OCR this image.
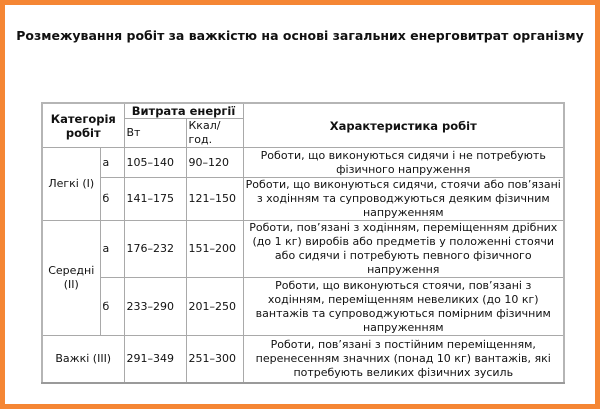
Розмежування робіт за важкістю на основі загальних енерговитрат організму
Категорія робіт		Витрата енергії		Характеристика робіт
		Вт	Ккал/год.	
Легкі (I)	а	105–140	90–120	Роботи, що виконуються сидячи і не потребують фізичного напруження
	б	141–175	121–150	Роботи, що виконуються сидячи, стоячи або пов’язані з ходінням та супроводжуються деяким фізичним напруженням
Середні (II)	а	176–232	151–200	Роботи, пов’язані з ходінням, переміщенням дрібних (до 1 кг) виробів або предметів у положенні стоячи або сидячи і потребують певного фізичного напруження
	б	233–290	201–250	Роботи, що виконуються стоячи, пов’язані з ходінням, переміщенням невеликих (до 10 кг) вантажів та супроводжуються помірним фізичним напруженням
Важкі (III)		291–349	251–300	Роботи, пов’язані з постійним переміщенням, перенесенням значних (понад 10 кг) вантажів, які потребують великих фізичних зусиль
